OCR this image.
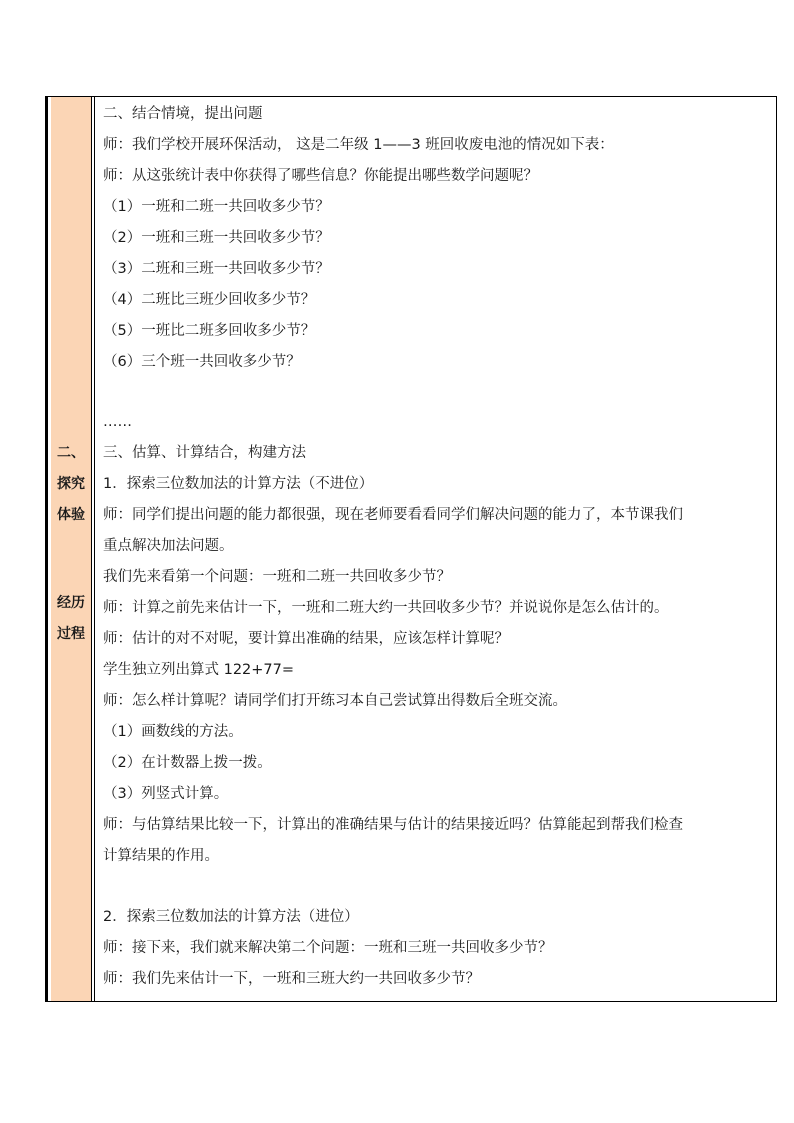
二、
探究
体验
经历
过程
二、结合情境，提出问题
师：我们学校开展环保活动， 这是二年级 1——3 班回收废电池的情况如下表：
师：从这张统计表中你获得了哪些信息？你能提出哪些数学问题呢？
（1）一班和二班一共回收多少节？
（2）一班和三班一共回收多少节？
（3）二班和三班一共回收多少节？
（4）二班比三班少回收多少节？
（5）一班比二班多回收多少节？
（6）三个班一共回收多少节？
……
三、估算、计算结合，构建方法
1．探索三位数加法的计算方法（不进位）
师：同学们提出问题的能力都很强，现在老师要看看同学们解决问题的能力了，本节课我们
重点解决加法问题。
我们先来看第一个问题：一班和二班一共回收多少节？
师：计算之前先来估计一下，一班和二班大约一共回收多少节？并说说你是怎么估计的。
师：估计的对不对呢，要计算出准确的结果，应该怎样计算呢？
学生独立列出算式 122+77=
师：怎么样计算呢？请同学们打开练习本自己尝试算出得数后全班交流。
（1）画数线的方法。
（2）在计数器上拨一拨。
（3）列竖式计算。
师：与估算结果比较一下，计算出的准确结果与估计的结果接近吗？估算能起到帮我们检查
计算结果的作用。
2．探索三位数加法的计算方法（进位）
师：接下来，我们就来解决第二个问题：一班和三班一共回收多少节？
师：我们先来估计一下，一班和三班大约一共回收多少节？
